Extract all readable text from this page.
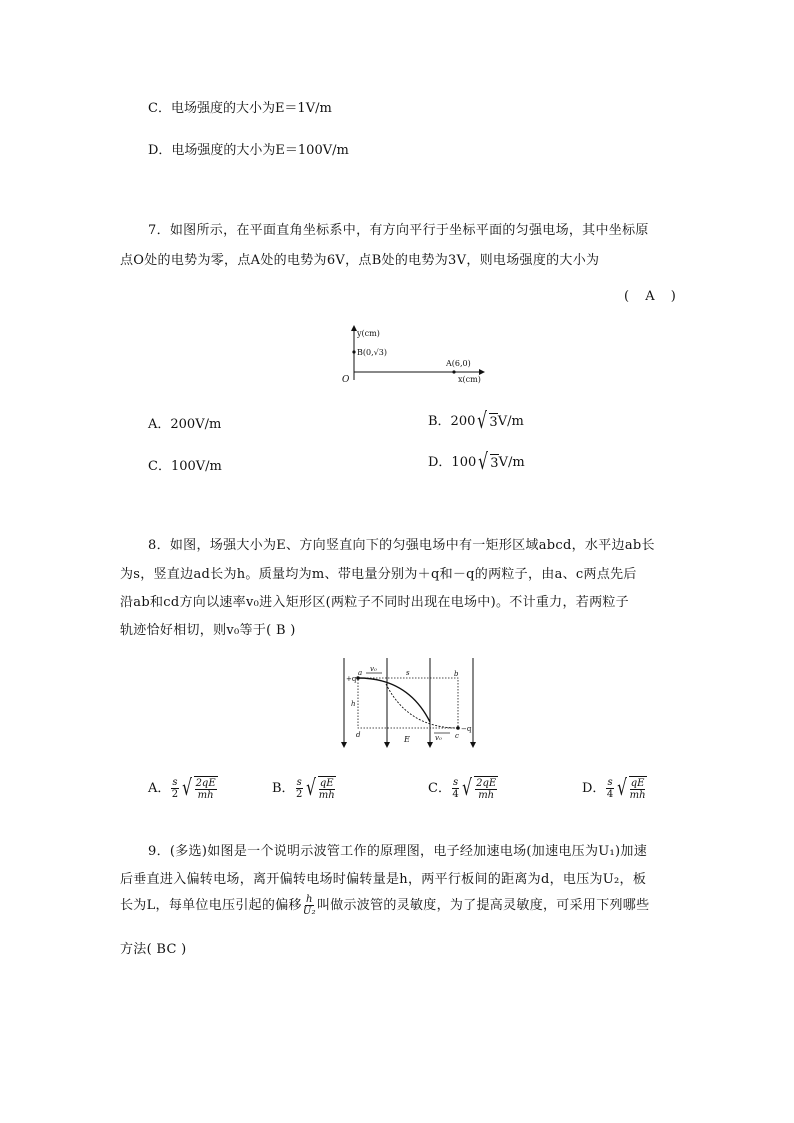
C．电场强度的大小为E＝1V/m
D．电场强度的大小为E＝100V/m
7．如图所示，在平面直角坐标系中，有方向平行于坐标平面的匀强电场，其中坐标原
点O处的电势为零，点A处的电势为6V，点B处的电势为3V，则电场强度的大小为
( A )
y(cm)
B(0,√3)
A(6,0)
x(cm)
O
A．200V/m	B．200 √ 3 V/m
C．100V/m	D．100 √ 3 V/m
8．如图，场强大小为E、方向竖直向下的匀强电场中有一矩形区域abcd，水平边ab长
为s，竖直边ad长为h。质量均为m、带电量分别为＋q和－q的两粒子，由a、c两点先后
沿ab和cd方向以速率v₀进入矩形区(两粒子不同时出现在电场中)。不计重力，若两粒子
轨迹恰好相切，则v₀等于( B )
+q
a v₀	s	b
h
d	E	v₀ c
−q
A． $\frac{s}{2}$ √ $\frac{2qE}{mh}$	B． $\frac{s}{2}$ √ $\frac{qE}{mh}$	C． $\frac{s}{4}$ √ $\frac{2qE}{mh}$	D． $\frac{s}{4}$ √ $\frac{qE}{mh}$
9．(多选)如图是一个说明示波管工作的原理图，电子经加速电场(加速电压为U₁)加速
后垂直进入偏转电场，离开偏转电场时偏转量是h，两平行板间的距离为d，电压为U₂，板
长为L，每单位电压引起的偏移 $\frac{h}{\text{U₂}}$ 叫做示波管的灵敏度，为了提高灵敏度，可采用下列哪些
方法( BC )
